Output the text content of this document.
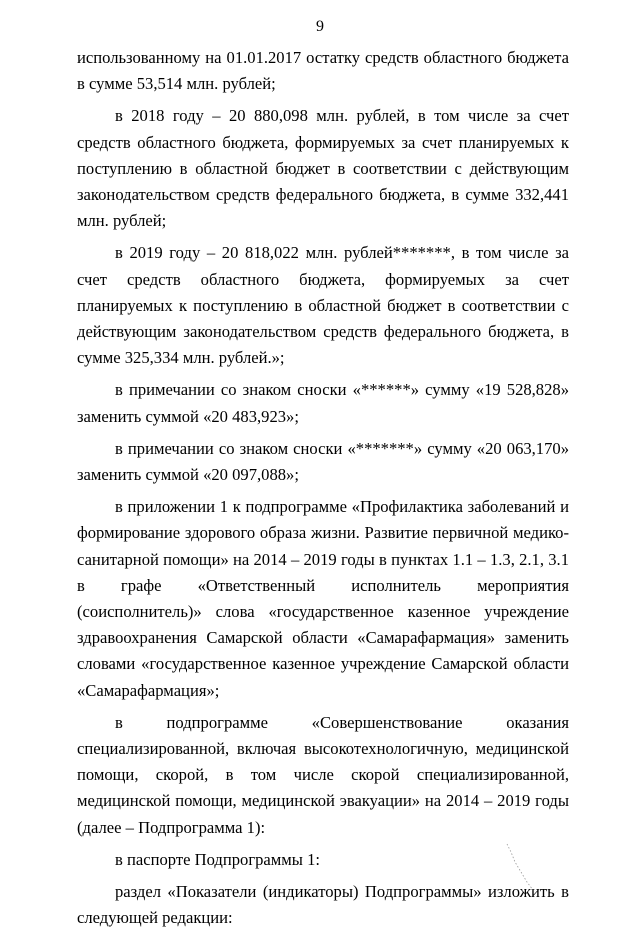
9

использованному на 01.01.2017 остатку средств областного бюджета в сумме 53,514 млн. рублей;

в 2018 году – 20 880,098 млн. рублей, в том числе за счет средств областного бюджета, формируемых за счет планируемых к поступлению в областной бюджет в соответствии с действующим законодательством средств федерального бюджета, в сумме 332,441 млн. рублей;

в 2019 году – 20 818,022 млн. рублей*******, в том числе за счет средств областного бюджета, формируемых за счет планируемых к поступлению в областной бюджет в соответствии с действующим законодательством средств федерального бюджета, в сумме 325,334 млн. рублей.»;

в примечании со знаком сноски «******» сумму «19 528,828» заменить суммой «20 483,923»;

в примечании со знаком сноски «*******» сумму «20 063,170» заменить суммой «20 097,088»;

в приложении 1 к подпрограмме «Профилактика заболеваний и формирование здорового образа жизни. Развитие первичной медико-санитарной помощи» на 2014 – 2019 годы в пунктах 1.1 – 1.3, 2.1, 3.1 в графе «Ответственный исполнитель мероприятия (соисполнитель)» слова «государственное казенное учреждение здравоохранения Самарской области «Самарафармация» заменить словами «государственное казенное учреждение Самарской области «Самарафармация»;

в подпрограмме «Совершенствование оказания специализированной, включая высокотехнологичную, медицинской помощи, скорой, в том числе скорой специализированной, медицинской помощи, медицинской эвакуации» на 2014 – 2019 годы (далее – Подпрограмма 1):

в паспорте Подпрограммы 1:

раздел «Показатели (индикаторы) Подпрограммы» изложить в следующей редакции:
